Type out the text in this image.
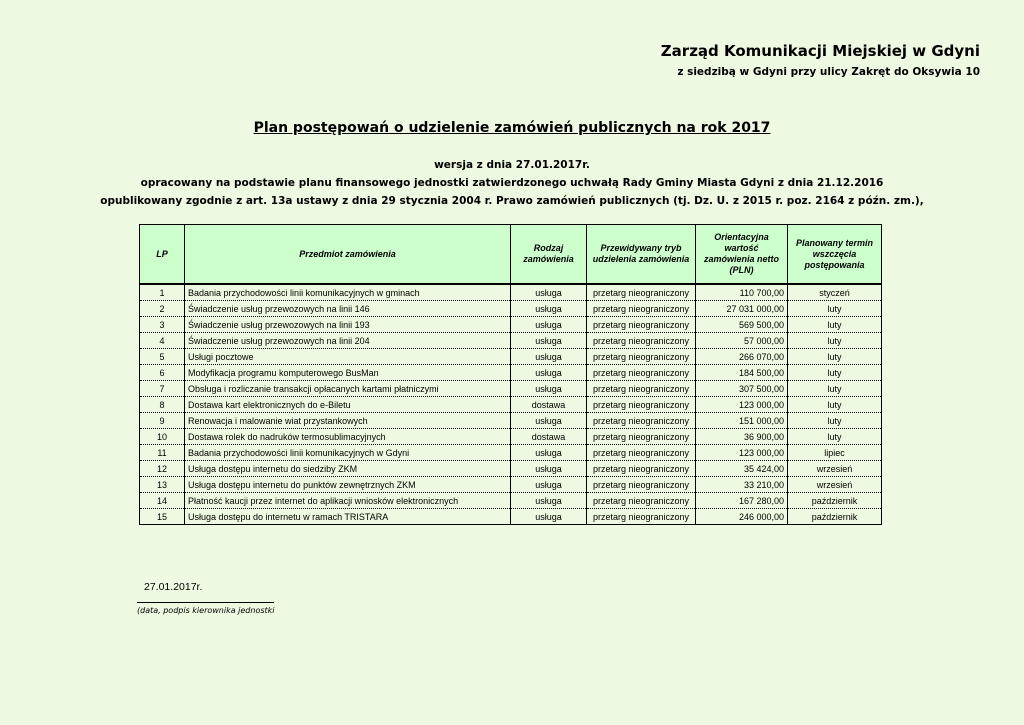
Zarząd Komunikacji Miejskiej w Gdyni
z siedzibą w Gdyni przy ulicy Zakręt do Oksywia 10
Plan postępowań o udzielenie zamówień publicznych na rok 2017
wersja z dnia 27.01.2017r.
opracowany na podstawie planu finansowego jednostki zatwierdzonego uchwałą Rady Gminy Miasta Gdyni z dnia 21.12.2016
opublikowany zgodnie z art. 13a ustawy z dnia 29 stycznia 2004 r. Prawo zamówień publicznych (tj. Dz. U. z 2015 r. poz. 2164 z późn. zm.),
LP	Przedmiot zamówienia	Rodzaj zamówienia	Przewidywany tryb udzielenia zamówienia	Orientacyjna wartość zamówienia netto (PLN)	Planowany termin wszczęcia postępowania
1	Badania przychodowości linii komunikacyjnych w gminach	usługa	przetarg nieograniczony	110 700,00	styczeń
2	Świadczenie usług przewozowych na linii 146	usługa	przetarg nieograniczony	27 031 000,00	luty
3	Świadczenie usług przewozowych na linii 193	usługa	przetarg nieograniczony	569 500,00	luty
4	Świadczenie usług przewozowych na linii 204	usługa	przetarg nieograniczony	57 000,00	luty
5	Usługi pocztowe	usługa	przetarg nieograniczony	266 070,00	luty
6	Modyfikacja programu komputerowego BusMan	usługa	przetarg nieograniczony	184 500,00	luty
7	Obsługa i rozliczanie transakcji opłacanych kartami płatniczymi	usługa	przetarg nieograniczony	307 500,00	luty
8	Dostawa kart elektronicznych do e-Biletu	dostawa	przetarg nieograniczony	123 000,00	luty
9	Renowacja i malowanie wiat przystankowych	usługa	przetarg nieograniczony	151 000,00	luty
10	Dostawa rolek do nadruków termosublimacyjnych	dostawa	przetarg nieograniczony	36 900,00	luty
11	Badania przychodowości linii komunikacyjnych w Gdyni	usługa	przetarg nieograniczony	123 000,00	lipiec
12	Usługa dostępu internetu do siedziby ZKM	usługa	przetarg nieograniczony	35 424,00	wrzesień
13	Usługa dostępu internetu do punktów zewnętrznych ZKM	usługa	przetarg nieograniczony	33 210,00	wrzesień
14	Płatność kaucji przez internet do aplikacji wniosków elektronicznych	usługa	przetarg nieograniczony	167 280,00	październik
15	Usługa dostępu do internetu w ramach TRISTARA	usługa	przetarg nieograniczony	246 000,00	październik
27.01.2017r.
(data, podpis kierownika jednostki
